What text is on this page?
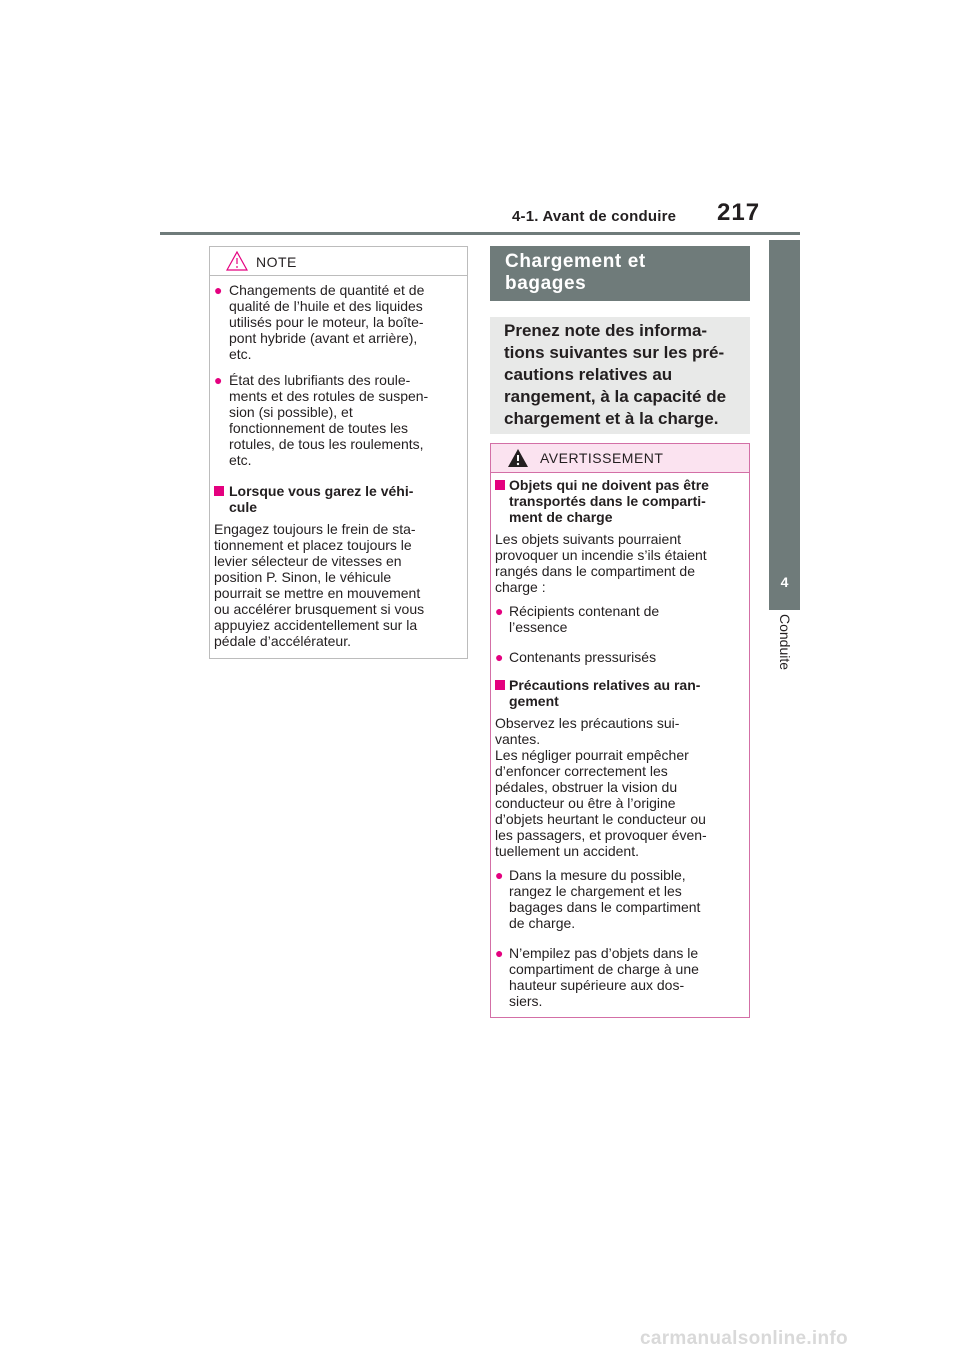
4-1. Avant de conduire 217
4
Conduite
NOTE
● Changements de quantité et de
qualité de l’huile et des liquides
utilisés pour le moteur, la boîte-
pont hybride (avant et arrière),
etc.
● État des lubrifiants des roule-
ments et des rotules de suspen-
sion (si possible), et
fonctionnement de toutes les
rotules, de tous les roulements,
etc.
Lorsque vous garez le véhi-
cule
Engagez toujours le frein de sta-
tionnement et placez toujours le
levier sélecteur de vitesses en
position P. Sinon, le véhicule
pourrait se mettre en mouvement
ou accélérer brusquement si vous
appuyiez accidentellement sur la
pédale d’accélérateur.
Chargement et
bagages
Prenez note des informa-
tions suivantes sur les pré-
cautions relatives au
rangement, à la capacité de
chargement et à la charge.
AVERTISSEMENT
Objets qui ne doivent pas être
transportés dans le comparti-
ment de charge
Les objets suivants pourraient
provoquer un incendie s’ils étaient
rangés dans le compartiment de
charge :
● Récipients contenant de
l’essence
● Contenants pressurisés
Précautions relatives au ran-
gement
Observez les précautions sui-
vantes.
Les négliger pourrait empêcher
d’enfoncer correctement les
pédales, obstruer la vision du
conducteur ou être à l’origine
d’objets heurtant le conducteur ou
les passagers, et provoquer éven-
tuellement un accident.
● Dans la mesure du possible,
rangez le chargement et les
bagages dans le compartiment
de charge.
● N’empilez pas d’objets dans le
compartiment de charge à une
hauteur supérieure aux dos-
siers.
carmanualsonline.info
